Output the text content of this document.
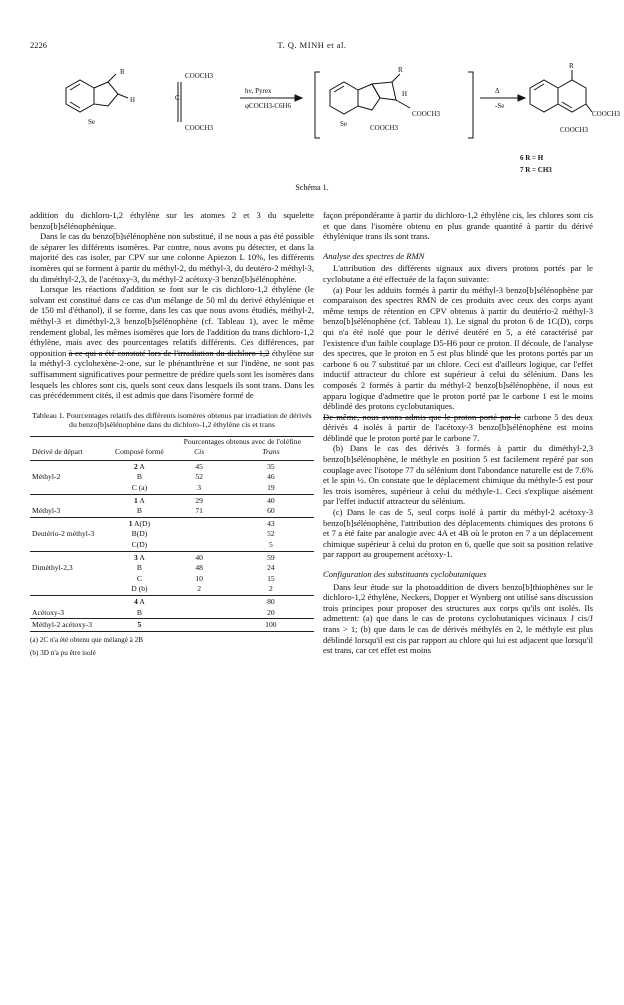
2226	T. Q. MINH et al.
R
Se
H
COOCH3
C
COOCH3
hν, Pyrex
φCOCH3-C6H6
R
H
Se
COOCH3
COOCH3
Δ
-Se
R
COOCH3
COOCH3
6 R = H
7 R = CH3
Schéma 1.

addition du dichloro-1,2 éthylène sur les atomes 2 et 3 du squelette benzo[b]sélénophénique.

Dans le cas du benzo[b]sélénophène non substitué, il ne nous a pas été possible de séparer les différents isomères. Par contre, nous avons pu détecter, et dans la majorité des cas isoler, par CPV sur une colonne Apiezon L 10%, les différents isomères qui se forment à partir du méthyl-2, du méthyl-3, du deutéro-2 méthyl-3, du diméthyl-2,3, de l'acétoxy-3, du méthyl-2 acétoxy-3 benzo[b]sélénophène.

Lorsque les réactions d'addition se font sur le cis dichloro-1,2 éthylène (le solvant est constitué dans ce cas d'un mélange de 50 ml du derivé éthylénique et de 150 ml d'éthanol), il se forme, dans les cas que nous avons étudiés, méthyl-2, méthyl-3 et diméthyl-2,3 benzo[b]sélénophène (cf. Tableau 1), avec le même rendement global, les mêmes isomères que lors de l'addition du trans dichloro-1,2 éthylène, mais avec des pourcentages relatifs différents. Ces différences, par opposition à ce qui a été constaté lors de l'irradiation du dichloro-1,2 éthylène sur la méthyl-3 cyclohexène-2-one, sur le phénanthrène et sur l'indène, ne sont pas suffisamment significatives pour permettre de prédire quels sont les isomères dans lesquels les chlores sont cis, quels sont ceux dans lesquels ils sont trans. Dans les cas précédemment cités, il est admis que dans l'isomère formé de

Tableau 1. Pourcentages relatifs des différents isomères obtenus par irradiation de dérivés du benzo[b]sélénophène dans du dichloro-1,2 éthylène cis et trans

		Pourcentages obtenus avec de l'oléfine	
Dérivé de départ	Composé formé	Cis	Trans
	2 A	45	35
Méthyl-2	B	52	46
	C (a)	3	19
	1 A	29	40
Méthyl-3	B	71	60
	1 A(D)		43
Deutério-2 méthyl-3	B(D)		52
	C(D)		5
	3 A	40	59
Diméthyl-2,3	B	48	24
	C	10	15
	D (b)	2	2
	4 A		80
Acétoxy-3	B		20
Méthyl-2 acétoxy-3	5		100

(a) 2C n'a été obtenu que mélangé à 2B

(b) 3D n'a pu être isolé

façon prépondérante à partir du dichloro-1,2 éthylène cis, les chlores sont cis et que dans l'isomère obtenu en plus grande quantité à partir du dérivé éthylénique trans ils sont trans.

Analyse des spectres de RMN

L'attribution des différents signaux aux divers protons portés par le cyclobutane a été effectuée de la façon suivante:

(a) Pour les adduits formés à partir du méthyl-3 benzo[b]sélénophène par comparaison des spectres RMN de ces produits avec ceux des corps ayant même temps de rétention en CPV obtenus à partir du deutério-2 méthyl-3 benzo[b]sélénophène (cf. Tableau 1). Le signal du proton 6 de 1C(D), corps qui n'a été isolé que pour le dérivé deutéré en 5, a été caractérisé par l'existence d'un faible couplage D5-H6 pour ce proton. Il découle, de l'analyse des spectres, que le proton en 5 est plus blindé que les protons portés par un carbone 6 ou 7 substitué par un chlore. Ceci est d'ailleurs logique, car l'effet inductif attracteur du chlore est supérieur à celui du sélénium. Dans les composés 2 formés à partir du méthyl-2 benzo[b]sélénophène, il nous est apparu logique d'admettre que le proton porté par le carbone 1 est le moins déblindé des protons cyclobutaniques.

De même, nous avons admis que le proton porté par le carbone 5 des deux dérivés 4 isolés à partir de l'acétoxy-3 benzo[b]sélénophène est moins déblindé que le proton porté par le carbone 7.

(b) Dans le cas des dérivés 3 formés à partir du diméthyl-2,3 benzo[b]sélénophène, le méthyle en position 5 est facilement repéré par son couplage avec l'isotope 77 du sélénium dont l'abondance naturelle est de 7.6% et le spin ½. On constate que le déplacement chimique du méthyle-5 est pour les trois isomères, supérieur à celui du méthyle-1. Ceci s'explique aisément par l'effet inductif attracteur du sélénium.

(c) Dans le cas de 5, seul corps isolé à partir du méthyl-2 acétoxy-3 benzo[b]sélénophène, l'attribution des déplacements chimiques des protons 6 et 7 a été faite par analogie avec 4A et 4B où le proton en 7 a un déplacement chimique supérieur à celui du proton en 6, quelle que soit sa position relative par rapport au groupement acétoxy-1.

Configuration des substituants cyclobutaniques

Dans leur étude sur la photoaddition de divers benzo[b]thiophènes sur le dichloro-1,2 éthylène, Neckers, Dopper et Wynberg ont utilisé sans discussion trois principes pour proposer des structures aux corps qu'ils ont isolés. Ils admettent: (a) que dans le cas de protons cyclobutaniques vicinaux J cis/J trans > 1; (b) que dans le cas de dérivés méthylés en 2, le méthyle est plus déblindé lorsqu'il est cis par rapport au chlore qui lui est adjacent que lorsqu'il est trans, car cet effet est moins
